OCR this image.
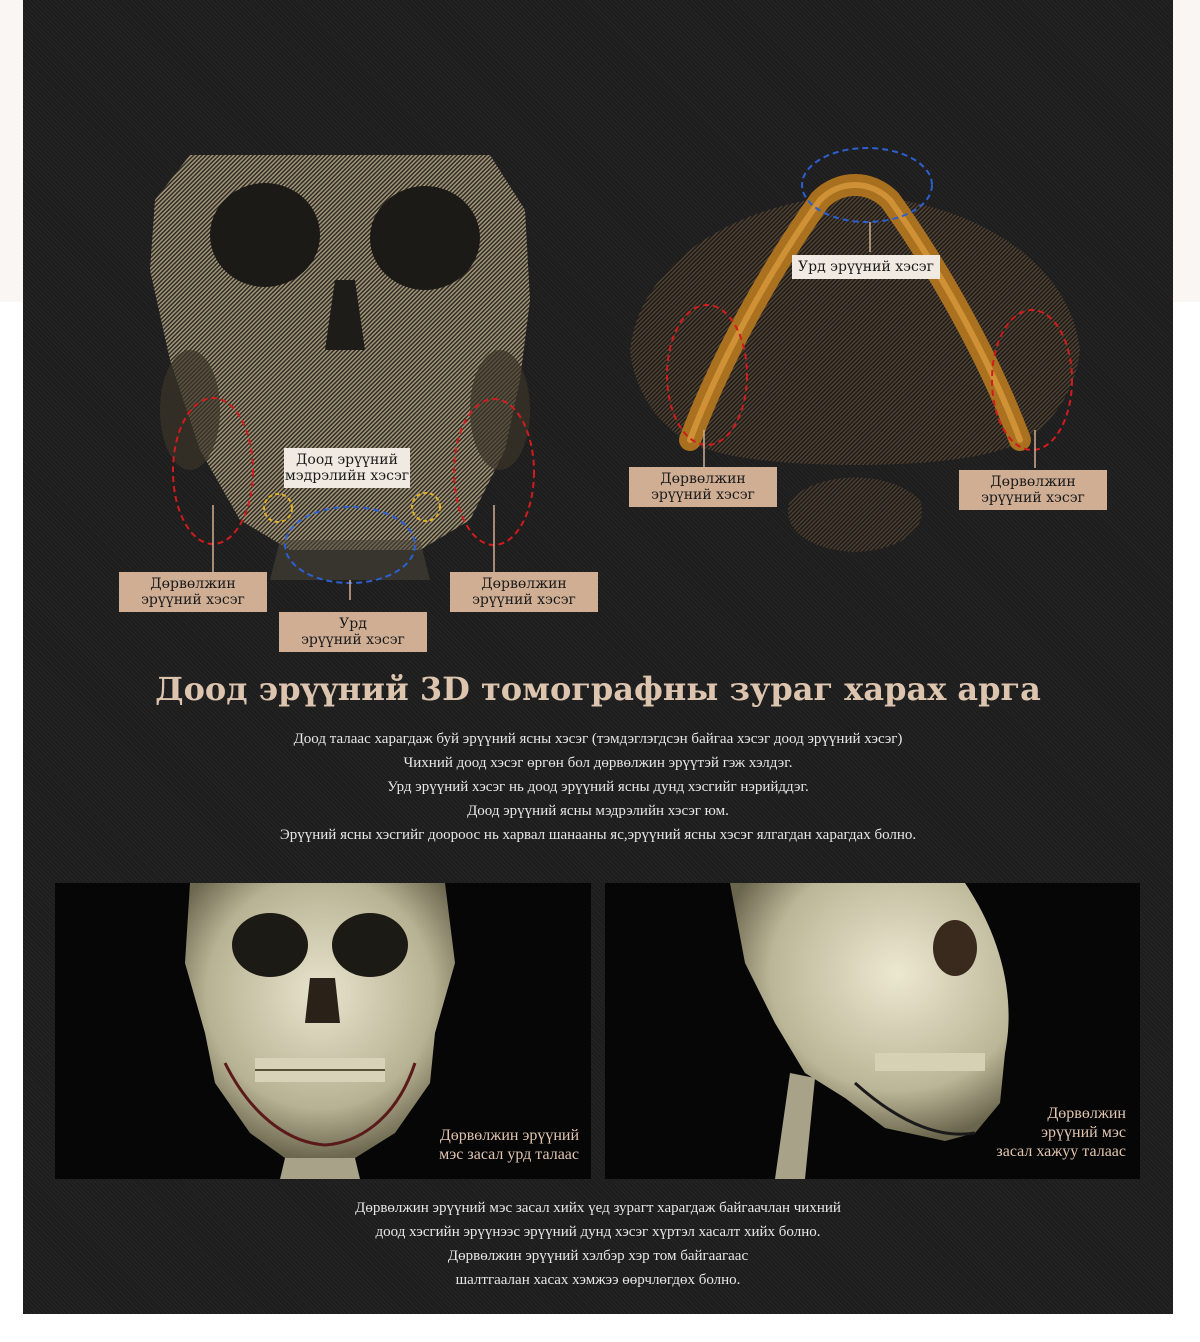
Доод эрүүний
мэдрэлийн хэсэг
Дөрвөлжин
эрүүний хэсэг
Дөрвөлжин
эрүүний хэсэг
Урд
эрүүний хэсэг
Урд эрүүний хэсэг
Дөрвөлжин
эрүүний хэсэг
Дөрвөлжин
эрүүний хэсэг
Доод эрүүний 3D томографны зураг харах арга
Доод талаас харагдаж буй эрүүний ясны хэсэг (тэмдэглэгдсэн байгаа хэсэг доод эрүүний хэсэг)
Чихний доод хэсэг өргөн бол дөрвөлжин эрүүтэй гэж хэлдэг.
Урд эрүүний хэсэг нь доод эрүүний ясны дунд хэсгийг нэрийддэг.
Доод эрүүний ясны мэдрэлийн хэсэг юм.
Эрүүний ясны хэсгийг доороос нь харвал шанааны яс,эрүүний ясны хэсэг ялгагдан харагдах болно.
Дөрвөлжин эрүүний
мэс засал урд талаас
Дөрвөлжин
эрүүний мэс
засал хажуу талаас
Дөрвөлжин эрүүний мэс засал хийх үед зурагт харагдаж байгаачлан чихний
доод хэсгийн эрүүнээс эрүүний дунд хэсэг хүртэл хасалт хийх болно.
Дөрвөлжин эрүүний хэлбэр хэр том байгаагаас
шалтгаалан хасах хэмжээ өөрчлөгдөх болно.
